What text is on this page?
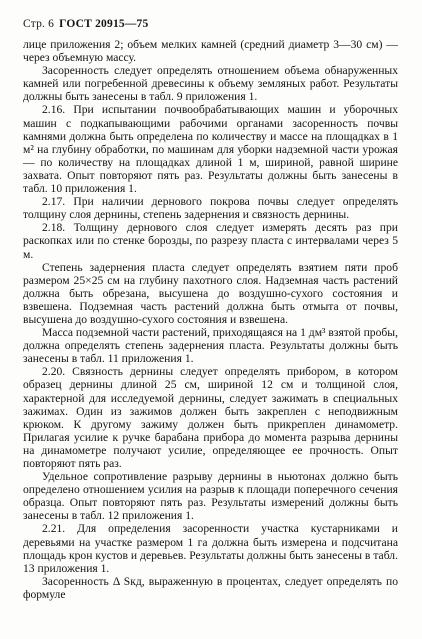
Стр. 6 ГОСТ 20915—75

лице приложения 2; объем мелких камней (средний диаметр 3—30 см) — через объемную массу.

Засоренность следует определять отношением объема обнаруженных камней или погребенной древесины к объему земляных работ. Результаты должны быть занесены в табл. 9 приложения 1.

2.16. При испытании почвообрабатывающих машин и уборочных машин с подкапывающими рабочими органами засоренность почвы камнями должна быть определена по количеству и массе на площадках в 1 м² на глубину обработки, по машинам для уборки надземной части урожая — по количеству на площадках длиной 1 м, шириной, равной ширине захвата. Опыт повторяют пять раз. Результаты должны быть занесены в табл. 10 приложения 1.

2.17. При наличии дернового покрова почвы следует определять толщину слоя дернины, степень задернения и связность дернины.

2.18. Толщину дернового слоя следует измерять десять раз при раскопках или по стенке борозды, по разрезу пласта с интервалами через 5 м.

Степень задернения пласта следует определять взятием пяти проб размером 25×25 см на глубину пахотного слоя. Надземная часть растений должна быть обрезана, высушена до воздушно-сухого состояния и взвешена. Подземная часть растений должна быть отмыта от почвы, высушена до воздушно-сухого состояния и взвешена.

Масса подземной части растений, приходящаяся на 1 дм³ взятой пробы, должна определять степень задернения пласта. Результаты должны быть занесены в табл. 11 приложения 1.

2.20. Связность дернины следует определять прибором, в котором образец дернины длиной 25 см, шириной 12 см и толщиной слоя, характерной для исследуемой дернины, следует зажимать в специальных зажимах. Один из зажимов должен быть закреплен с неподвижным крюком. К другому зажиму должен быть прикреплен динамометр. Прилагая усилие к ручке барабана прибора до момента разрыва дернины на динамометре получают усилие, определяющее ее прочность. Опыт повторяют пять раз.

Удельное сопротивление разрыву дернины в ньютонах должно быть определено отношением усилия на разрыв к площади поперечного сечения образца. Опыт повторяют пять раз. Результаты измерений должны быть занесены в табл. 12 приложения 1.

2.21. Для определения засоренности участка кустарниками и деревьями на участке размером 1 га должна быть измерена и подсчитана площадь крон кустов и деревьев. Результаты должны быть занесены в табл. 13 приложения 1.

Засоренность Δ Sкд, выраженную в процентах, следует определять по формуле
